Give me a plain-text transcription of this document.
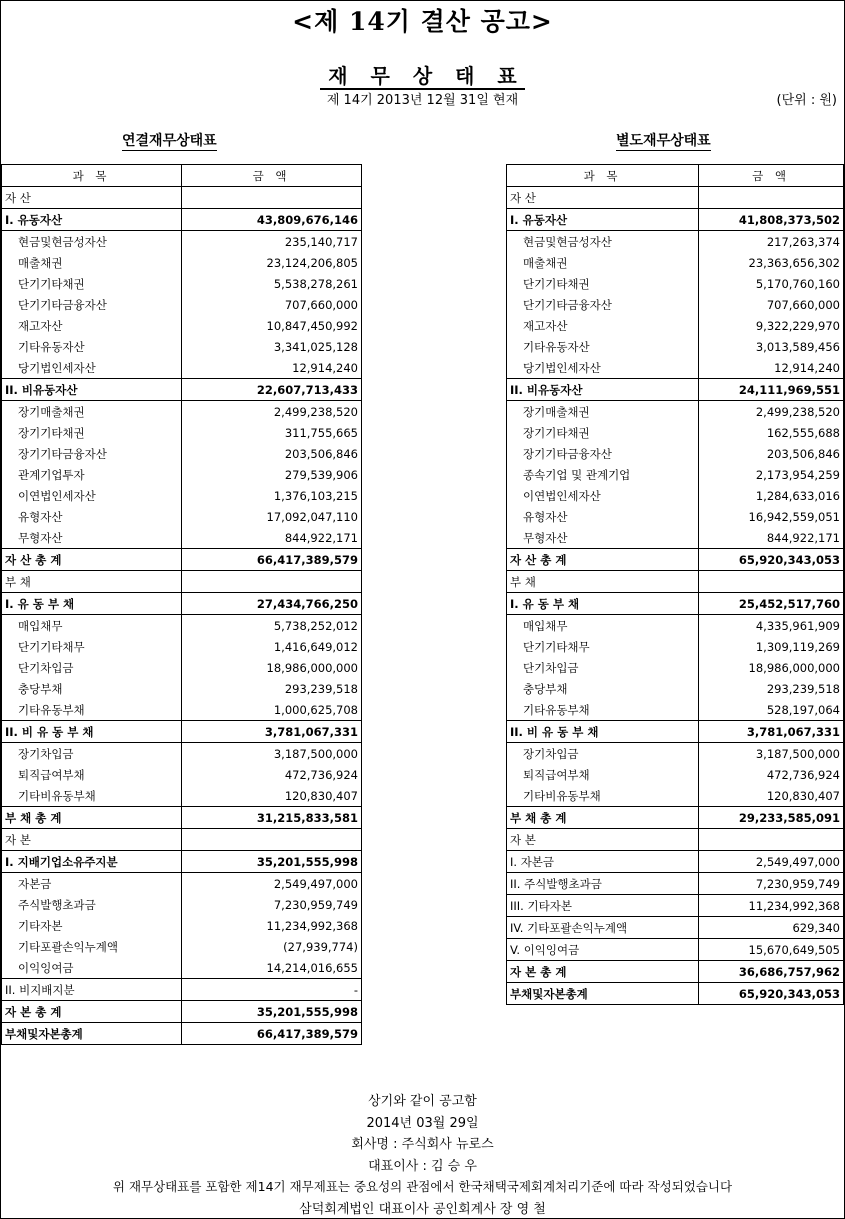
<제 14기 결산 공고>
재 무 상 태 표
제 14기 2013년 12월 31일 현재	(단위 : 원)
연결재무상태표	별도재무상태표
과 목	금 액
자 산	
I. 유동자산	43,809,676,146
현금및현금성자산	235,140,717
매출채권	23,124,206,805
단기기타채권	5,538,278,261
단기기타금융자산	707,660,000
재고자산	10,847,450,992
기타유동자산	3,341,025,128
당기법인세자산	12,914,240
II. 비유동자산	22,607,713,433
장기매출채권	2,499,238,520
장기기타채권	311,755,665
장기기타금융자산	203,506,846
관계기업투자	279,539,906
이연법인세자산	1,376,103,215
유형자산	17,092,047,110
무형자산	844,922,171
자 산 총 계	66,417,389,579
부 채	
I. 유 동 부 채	27,434,766,250
매입채무	5,738,252,012
단기기타채무	1,416,649,012
단기차입금	18,986,000,000
충당부채	293,239,518
기타유동부채	1,000,625,708
II. 비 유 동 부 채	3,781,067,331
장기차입금	3,187,500,000
퇴직급여부채	472,736,924
기타비유동부채	120,830,407
부 채 총 계	31,215,833,581
자 본	
I. 지배기업소유주지분	35,201,555,998
자본금	2,549,497,000
주식발행초과금	7,230,959,749
기타자본	11,234,992,368
기타포괄손익누계액	(27,939,774)
이익잉여금	14,214,016,655
II. 비지배지분	-
자 본 총 계	35,201,555,998
부채및자본총계	66,417,389,579
과 목	금 액
자 산	
I. 유동자산	41,808,373,502
현금및현금성자산	217,263,374
매출채권	23,363,656,302
단기기타채권	5,170,760,160
단기기타금융자산	707,660,000
재고자산	9,322,229,970
기타유동자산	3,013,589,456
당기법인세자산	12,914,240
II. 비유동자산	24,111,969,551
장기매출채권	2,499,238,520
장기기타채권	162,555,688
장기기타금융자산	203,506,846
종속기업 및 관계기업	2,173,954,259
이연법인세자산	1,284,633,016
유형자산	16,942,559,051
무형자산	844,922,171
자 산 총 계	65,920,343,053
부 채	
I. 유 동 부 채	25,452,517,760
매입채무	4,335,961,909
단기기타채무	1,309,119,269
단기차입금	18,986,000,000
충당부채	293,239,518
기타유동부채	528,197,064
II. 비 유 동 부 채	3,781,067,331
장기차입금	3,187,500,000
퇴직급여부채	472,736,924
기타비유동부채	120,830,407
부 채 총 계	29,233,585,091
자 본	
I. 자본금	2,549,497,000
II. 주식발행초과금	7,230,959,749
III. 기타자본	11,234,992,368
IV. 기타포괄손익누계액	629,340
V. 이익잉여금	15,670,649,505
자 본 총 계	36,686,757,962
부채및자본총계	65,920,343,053
상기와 같이 공고함
2014년 03월 29일
회사명 : 주식회사 뉴로스
대표이사 : 김 승 우
위 재무상태표를 포함한 제14기 재무제표는 중요성의 관점에서 한국채택국제회계처리기준에 따라 작성되었습니다
삼덕회계법인 대표이사 공인회계사 장 영 철
